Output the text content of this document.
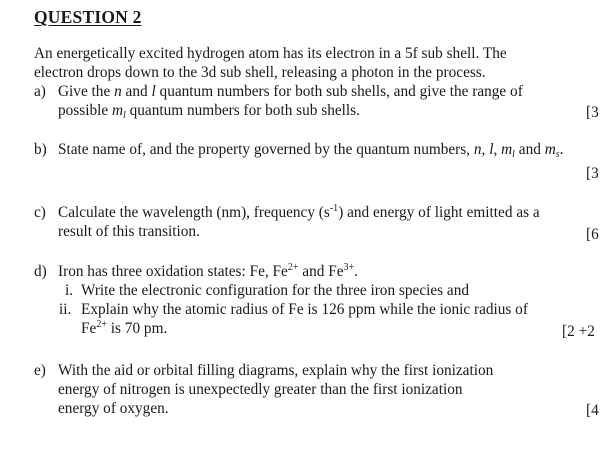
QUESTION 2
An energetically excited hydrogen atom has its electron in a 5f sub shell. The
electron drops down to the 3d sub shell, releasing a photon in the process.
a) Give the n and l quantum numbers for both sub shells, and give the range of
possible $m_l$ quantum numbers for both sub shells.	[3
b) State name of, and the property governed by the quantum numbers, n, l, $m_l$ and $m_s$.
[3
c) Calculate the wavelength (nm), frequency $(s^{-1})$ and energy of light emitted as a
result of this transition.	[6
d) Iron has three oxidation states: Fe, $Fe^{2+}$ and $Fe^{3+}$.
i. Write the electronic configuration for the three iron species and
ii. Explain why the atomic radius of Fe is 126 ppm while the ionic radius of
$Fe^{2+}$ is 70 pm.	[2 +2
e) With the aid or orbital filling diagrams, explain why the first ionization
energy of nitrogen is unexpectedly greater than the first ionization
energy of oxygen.	[4
